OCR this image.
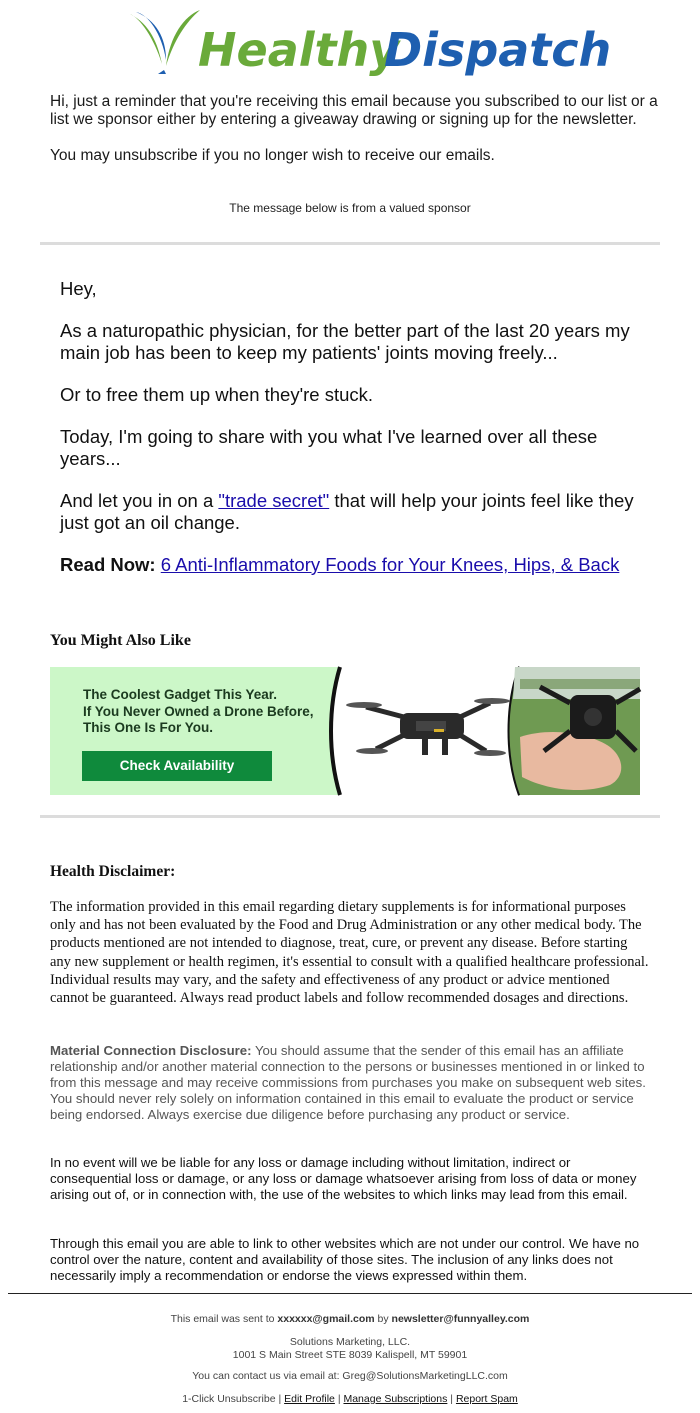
Healthy
Dispatch

Hi, just a reminder that you're receiving this email because you subscribed to our list or a list we sponsor either by entering a giveaway drawing or signing up for the newsletter.

You may unsubscribe if you no longer wish to receive our emails.

The message below is from a valued sponsor

Hey,

As a naturopathic physician, for the better part of the last 20 years my main job has been to keep my patients' joints moving freely...

Or to free them up when they're stuck.

Today, I'm going to share with you what I've learned over all these years...

And let you in on a "trade secret" that will help your joints feel like they just got an oil change.

Read Now: 6 Anti-Inflammatory Foods for Your Knees, Hips, & Back

You Might Also Like
The Coolest Gadget This Year.
If You Never Owned a Drone Before,
This One Is For You.
Check Availability
Health Disclaimer:
The information provided in this email regarding dietary supplements is for informational purposes only and has not been evaluated by the Food and Drug Administration or any other medical body. The products mentioned are not intended to diagnose, treat, cure, or prevent any disease. Before starting any new supplement or health regimen, it's essential to consult with a qualified healthcare professional. Individual results may vary, and the safety and effectiveness of any product or advice mentioned cannot be guaranteed. Always read product labels and follow recommended dosages and directions.
Material Connection Disclosure: You should assume that the sender of this email has an affiliate relationship and/or another material connection to the persons or businesses mentioned in or linked to from this message and may receive commissions from purchases you make on subsequent web sites. You should never rely solely on information contained in this email to evaluate the product or service being endorsed. Always exercise due diligence before purchasing any product or service.
In no event will we be liable for any loss or damage including without limitation, indirect or consequential loss or damage, or any loss or damage whatsoever arising from loss of data or money arising out of, or in connection with, the use of the websites to which links may lead from this email.
Through this email you are able to link to other websites which are not under our control. We have no control over the nature, content and availability of those sites. The inclusion of any links does not necessarily imply a recommendation or endorse the views expressed within them.
This email was sent to xxxxxx@gmail.com by newsletter@funnyalley.com
Solutions Marketing, LLC.
1001 S Main Street STE 8039 Kalispell, MT 59901
You can contact us via email at: Greg@SolutionsMarketingLLC.com
1-Click Unsubscribe | Edit Profile | Manage Subscriptions | Report Spam
